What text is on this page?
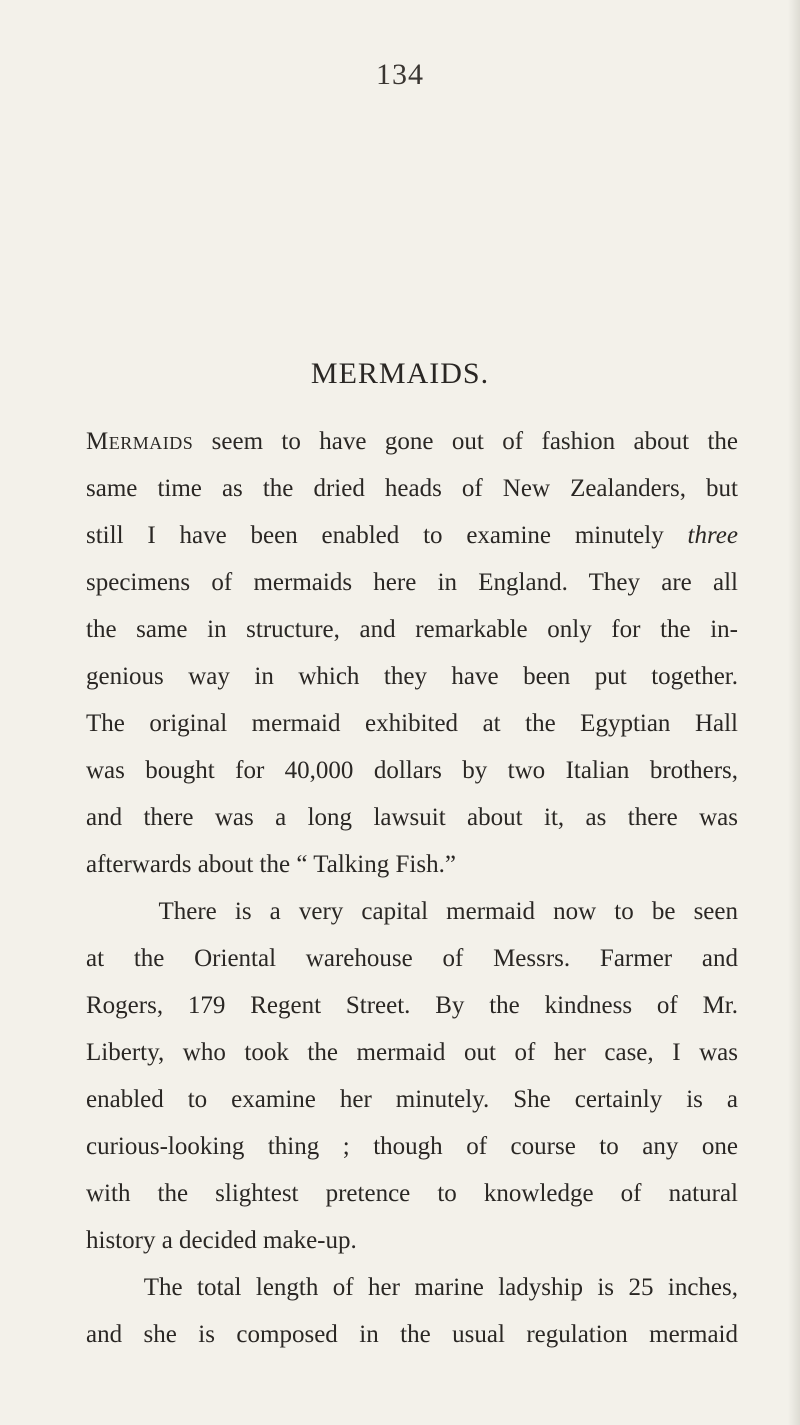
134
MERMAIDS.
Mermaids seem to have gone out of fashion about the
same time as the dried heads of New Zealanders, but
still I have been enabled to examine minutely three
specimens of mermaids here in England. They are all
the same in structure, and remarkable only for the in-
genious way in which they have been put together.
The original mermaid exhibited at the Egyptian Hall
was bought for 40,000 dollars by two Italian brothers,
and there was a long lawsuit about it, as there was
afterwards about the “ Talking Fish.”
There is a very capital mermaid now to be seen
at the Oriental warehouse of Messrs. Farmer and
Rogers, 179 Regent Street. By the kindness of Mr.
Liberty, who took the mermaid out of her case, I was
enabled to examine her minutely. She certainly is a
curious-looking thing ; though of course to any one
with the slightest pretence to knowledge of natural
history a decided make-up.
The total length of her marine ladyship is 25 inches,
and she is composed in the usual regulation mermaid
